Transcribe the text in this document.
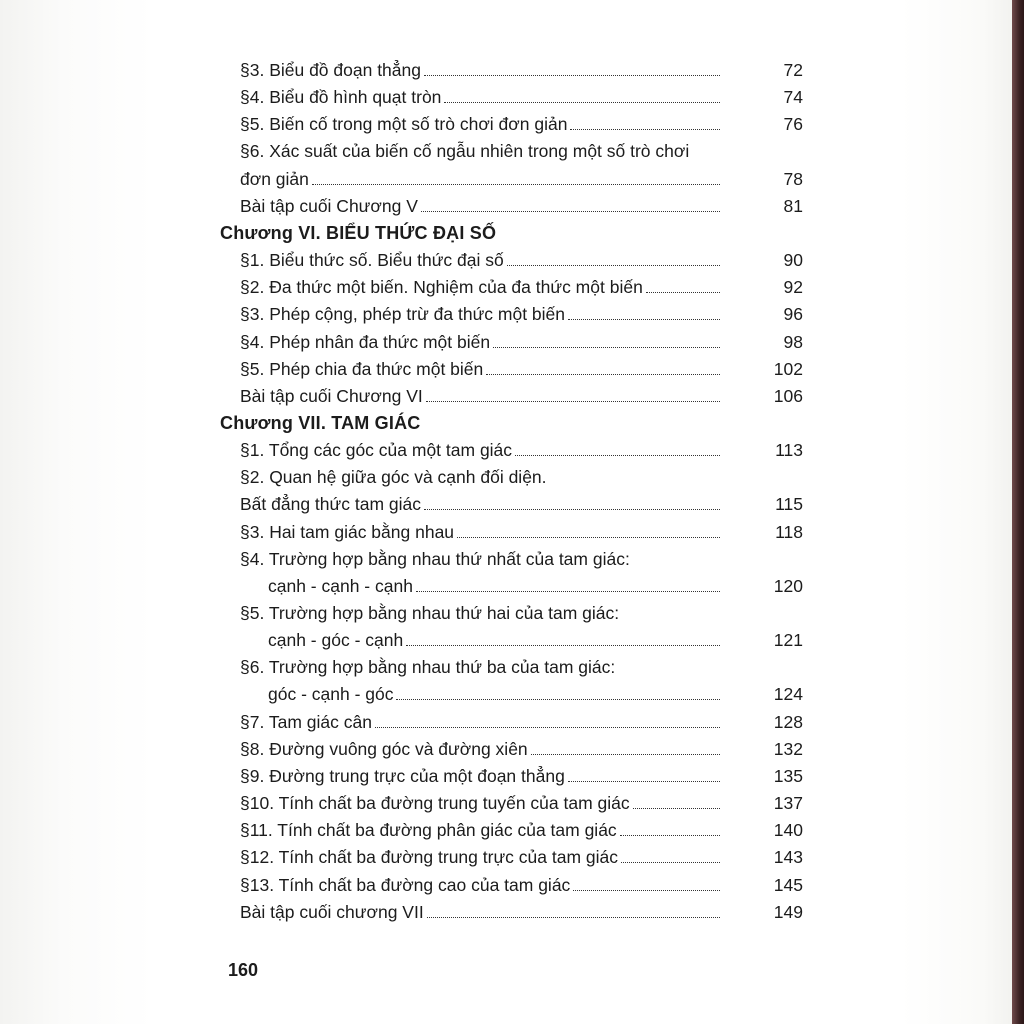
§3. Biểu đồ đoạn thẳng	72
§4. Biểu đồ hình quạt tròn	74
§5. Biến cố trong một số trò chơi đơn giản	76
§6. Xác suất của biến cố ngẫu nhiên trong một số trò chơi
đơn giản	78
Bài tập cuối Chương V	81
Chương VI. BIỂU THỨC ĐẠI SỐ
§1. Biểu thức số. Biểu thức đại số	90
§2. Đa thức một biến. Nghiệm của đa thức một biến	92
§3. Phép cộng, phép trừ đa thức một biến	96
§4. Phép nhân đa thức một biến	98
§5. Phép chia đa thức một biến	102
Bài tập cuối Chương VI	106
Chương VII. TAM GIÁC
§1. Tổng các góc của một tam giác	113
§2. Quan hệ giữa góc và cạnh đối diện.
Bất đẳng thức tam giác	115
§3. Hai tam giác bằng nhau	118
§4. Trường hợp bằng nhau thứ nhất của tam giác:
cạnh - cạnh - cạnh	120
§5. Trường hợp bằng nhau thứ hai của tam giác:
cạnh - góc - cạnh	121
§6. Trường hợp bằng nhau thứ ba của tam giác:
góc - cạnh - góc	124
§7. Tam giác cân	128
§8. Đường vuông góc và đường xiên	132
§9. Đường trung trực của một đoạn thẳng	135
§10. Tính chất ba đường trung tuyến của tam giác	137
§11. Tính chất ba đường phân giác của tam giác	140
§12. Tính chất ba đường trung trực của tam giác	143
§13. Tính chất ba đường cao của tam giác	145
Bài tập cuối chương VII	149
160
